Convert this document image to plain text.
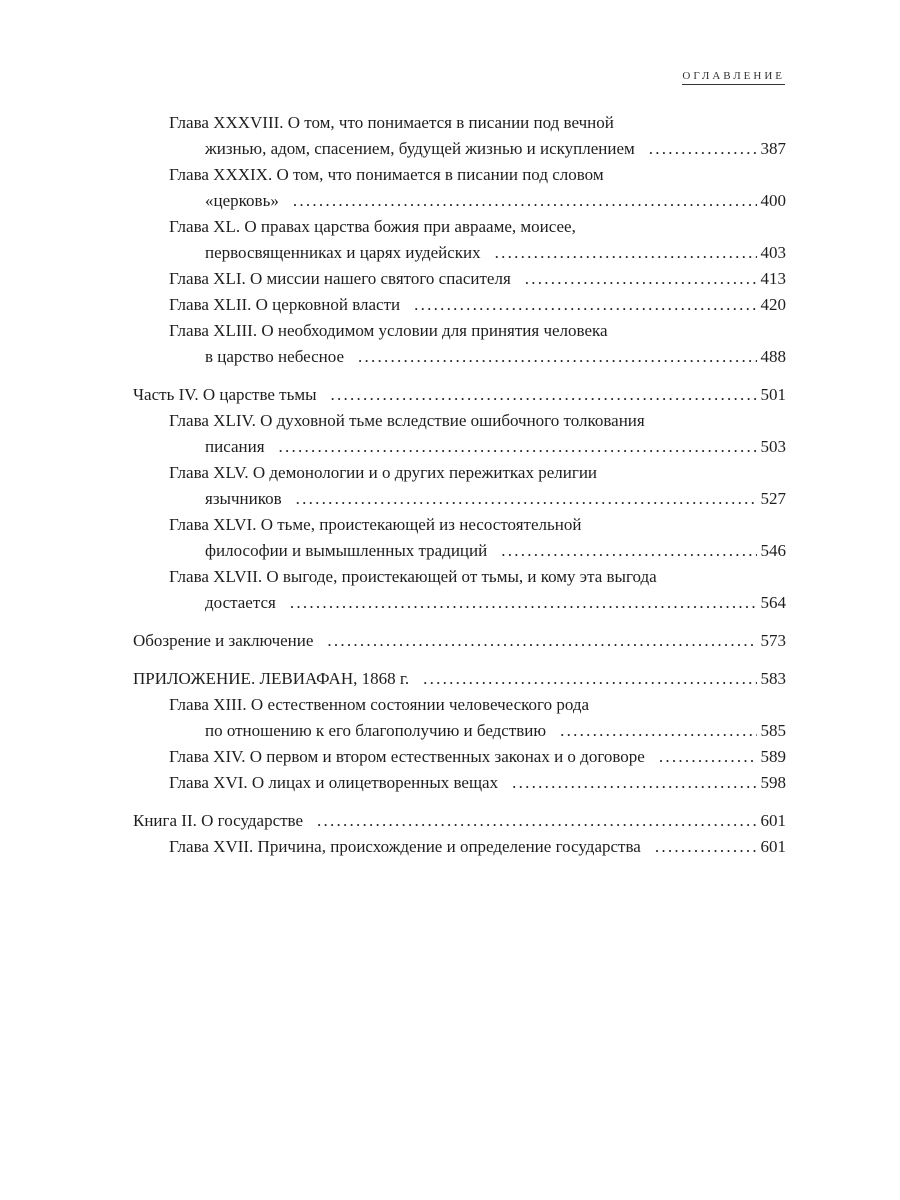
ОГЛАВЛЕНИЕ
Глава XXXVIII. О том, что понимается в писании под вечной
жизнью, адом, спасением, будущей жизнью и искуплением . . .	387
Глава XXXIX. О том, что понимается в писании под словом
«церковь» . . .	400
Глава XL. О правах царства божия при аврааме, моисее,
первосвященниках и царях иудейских . . .	403
Глава XLI. О миссии нашего святого спасителя . . .	413
Глава XLII. О церковной власти . . .	420
Глава XLIII. О необходимом условии для принятия человека
в царство небесное . . .	488
Часть IV. О царстве тьмы . . .	501
Глава XLIV. О духовной тьме вследствие ошибочного толкования
писания . . .	503
Глава XLV. О демонологии и о других пережитках религии
язычников . . .	527
Глава XLVI. О тьме, проистекающей из несостоятельной
философии и вымышленных традиций . . .	546
Глава XLVII. О выгоде, проистекающей от тьмы, и кому эта выгода
достается . . .	564
Обозрение и заключение . . .	573
ПРИЛОЖЕНИЕ. ЛЕВИАФАН, 1868 г. . . .	583
Глава XIII. О естественном состоянии человеческого рода
по отношению к его благополучию и бедствию . . .	585
Глава XIV. О первом и втором естественных законах и о договоре . . .	589
Глава XVI. О лицах и олицетворенных вещах . . .	598
Книга II. О государстве . . .	601
Глава XVII. Причина, происхождение и определение государства . . .	601
